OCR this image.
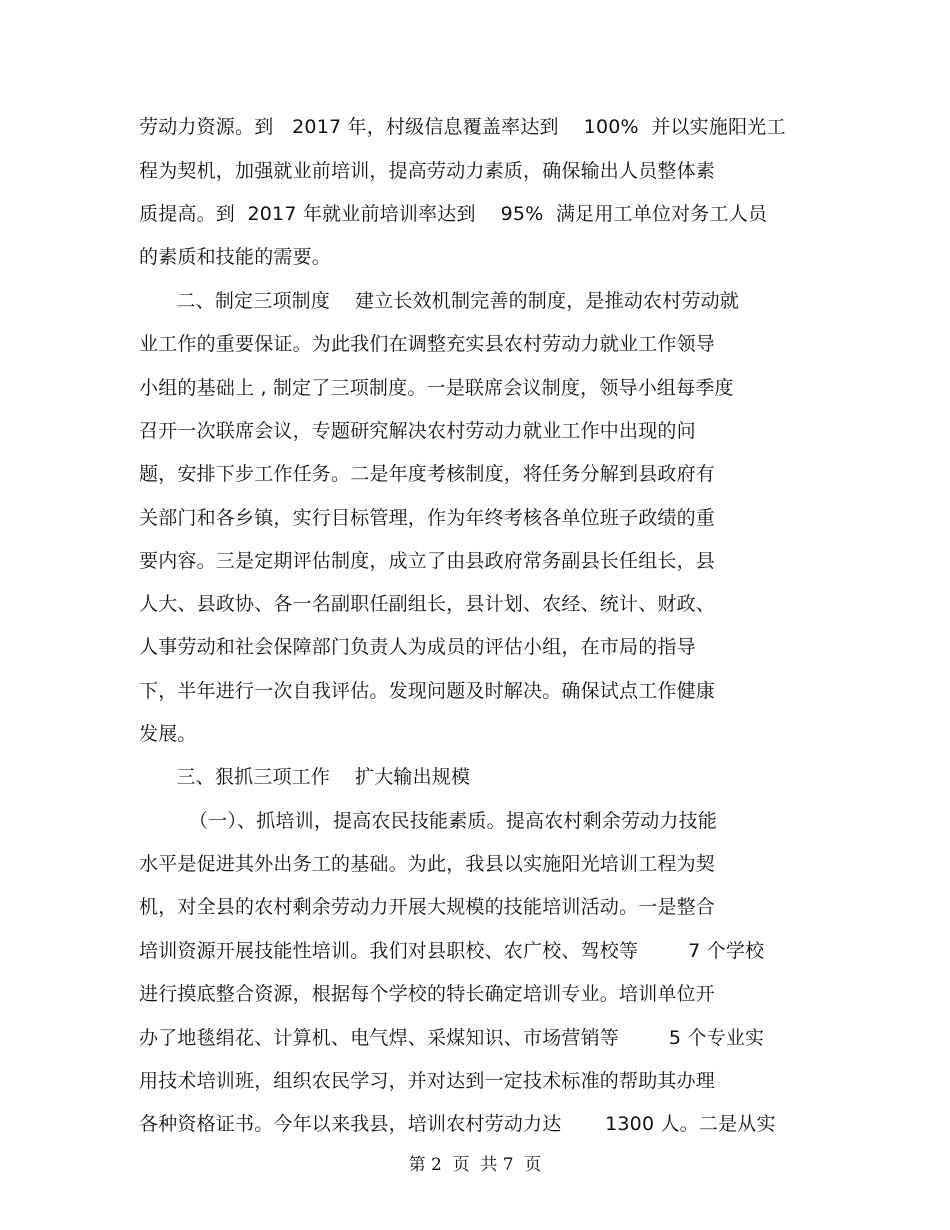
劳动力资源。到   2017 年，村级信息覆盖率达到    100%  并以实施阳光工
程为契机，加强就业前培训，提高劳动力素质，确保输出人员整体素
质提高。到  2017 年就业前培训率达到    95%  满足用工单位对务工人员
的素质和技能的需要。
二、制定三项制度    建立长效机制完善的制度，是推动农村劳动就
业工作的重要保证。为此我们在调整充实县农村劳动力就业工作领导
小组的基础上 , 制定了三项制度。一是联席会议制度，领导小组每季度
召开一次联席会议，专题研究解决农村劳动力就业工作中出现的问
题，安排下步工作任务。二是年度考核制度，将任务分解到县政府有
关部门和各乡镇，实行目标管理，作为年终考核各单位班子政绩的重
要内容。三是定期评估制度，成立了由县政府常务副县长任组长，县
人大、县政协、各一名副职任副组长，县计划、农经、统计、财政、
人事劳动和社会保障部门负责人为成员的评估小组，在市局的指导
下，半年进行一次自我评估。发现问题及时解决。确保试点工作健康
发展。
三、狠抓三项工作    扩大输出规模
（一）、抓培训，提高农民技能素质。提高农村剩余劳动力技能
水平是促进其外出务工的基础。为此，我县以实施阳光培训工程为契
机，对全县的农村剩余劳动力开展大规模的技能培训活动。一是整合
培训资源开展技能性培训。我们对县职校、农广校、驾校等        7 个学校
进行摸底整合资源，根据每个学校的特长确定培训专业。培训单位开
办了地毯绢花、计算机、电气焊、采煤知识、市场营销等        5 个专业实
用技术培训班，组织农民学习，并对达到一定技术标准的帮助其办理
各种资格证书。今年以来我县，培训农村劳动力达       1300 人。二是从实
第 2  页  共 7  页
